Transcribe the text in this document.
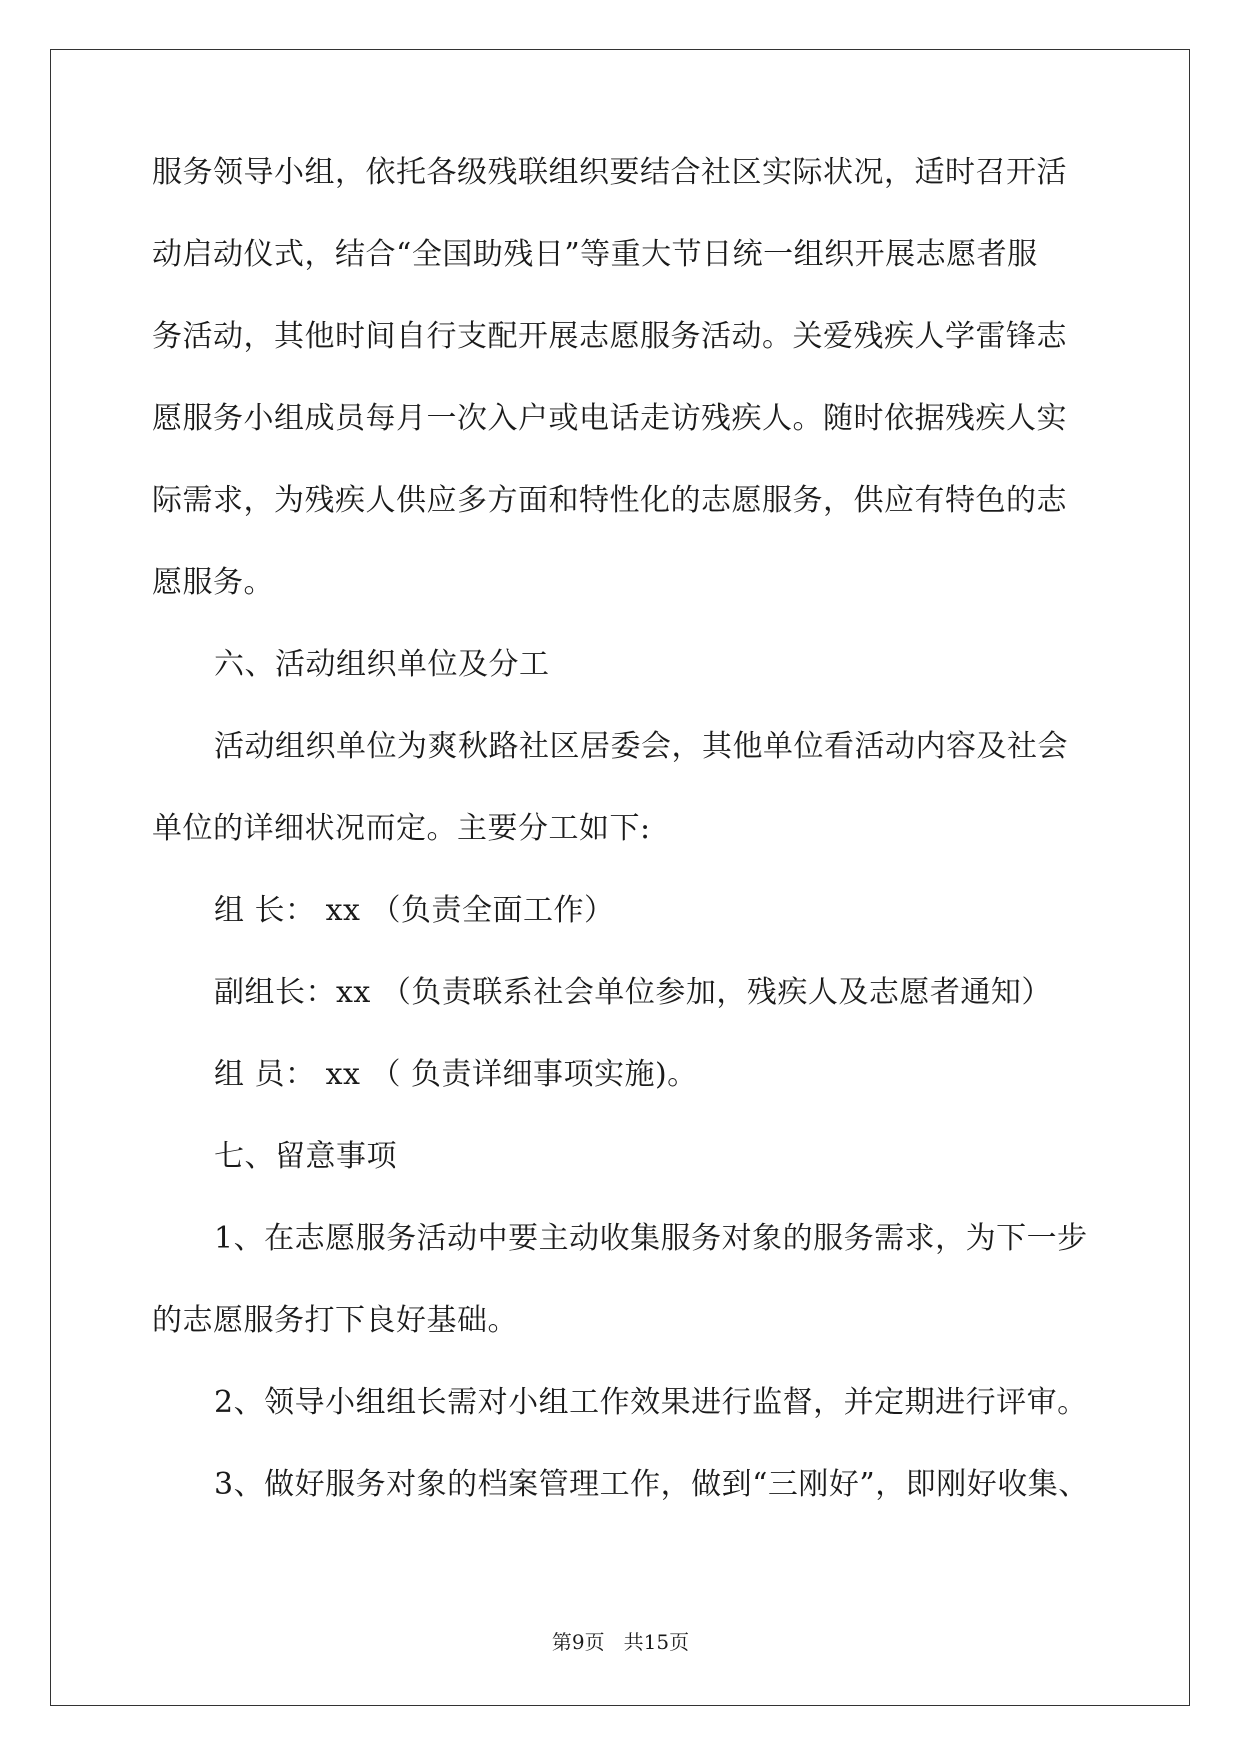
服务领导小组，依托各级残联组织要结合社区实际状况，适时召开活
动启动仪式，结合“全国助残日”等重大节日统一组织开展志愿者服
务活动，其他时间自行支配开展志愿服务活动。关爱残疾人学雷锋志
愿服务小组成员每月一次入户或电话走访残疾人。随时依据残疾人实
际需求，为残疾人供应多方面和特性化的志愿服务，供应有特色的志
愿服务。
六、活动组织单位及分工
活动组织单位为爽秋路社区居委会，其他单位看活动内容及社会
单位的详细状况而定。主要分工如下:
组 长： xx （负责全面工作）
副组长：xx （负责联系社会单位参加，残疾人及志愿者通知）
组 员： xx （ 负责详细事项实施)。
七、留意事项
1、在志愿服务活动中要主动收集服务对象的服务需求，为下一步
的志愿服务打下良好基础。
2、领导小组组长需对小组工作效果进行监督，并定期进行评审。
3、做好服务对象的档案管理工作，做到“三刚好”，即刚好收集、
第9页   共15页
